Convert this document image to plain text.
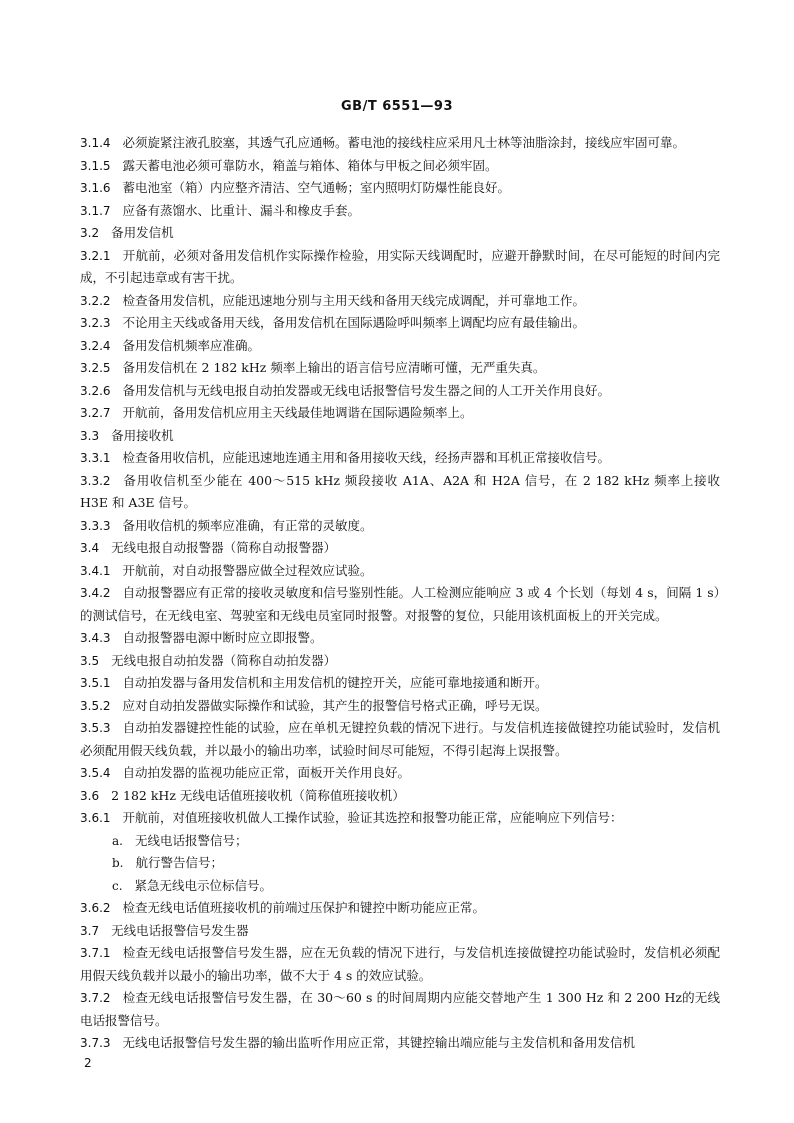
GB/T 6551—93

3.1.4 必须旋紧注液孔胶塞，其透气孔应通畅。蓄电池的接线柱应采用凡士林等油脂涂封，接线应牢固可靠。

3.1.5 露天蓄电池必须可靠防水，箱盖与箱体、箱体与甲板之间必须牢固。

3.1.6 蓄电池室（箱）内应整齐清洁、空气通畅；室内照明灯防爆性能良好。

3.1.7 应备有蒸馏水、比重计、漏斗和橡皮手套。

3.2 备用发信机

3.2.1 开航前，必须对备用发信机作实际操作检验，用实际天线调配时，应避开静默时间，在尽可能短的时间内完成，不引起违章或有害干扰。

3.2.2 检查备用发信机，应能迅速地分别与主用天线和备用天线完成调配，并可靠地工作。

3.2.3 不论用主天线或备用天线，备用发信机在国际遇险呼叫频率上调配均应有最佳输出。

3.2.4 备用发信机频率应准确。

3.2.5 备用发信机在 2 182 kHz 频率上输出的语言信号应清晰可懂，无严重失真。

3.2.6 备用发信机与无线电报自动拍发器或无线电话报警信号发生器之间的人工开关作用良好。

3.2.7 开航前，备用发信机应用主天线最佳地调谐在国际遇险频率上。

3.3 备用接收机

3.3.1 检查备用收信机，应能迅速地连通主用和备用接收天线，经扬声器和耳机正常接收信号。

3.3.2 备用收信机至少能在 400～515 kHz 频段接收 A1A、A2A 和 H2A 信号，在 2 182 kHz 频率上接收 H3E 和 A3E 信号。

3.3.3 备用收信机的频率应准确，有正常的灵敏度。

3.4 无线电报自动报警器（简称自动报警器）

3.4.1 开航前，对自动报警器应做全过程效应试验。

3.4.2 自动报警器应有正常的接收灵敏度和信号鉴别性能。人工检测应能响应 3 或 4 个长划（每划 4 s，间隔 1 s）的测试信号，在无线电室、驾驶室和无线电员室同时报警。对报警的复位，只能用该机面板上的开关完成。

3.4.3 自动报警器电源中断时应立即报警。

3.5 无线电报自动拍发器（简称自动拍发器）

3.5.1 自动拍发器与备用发信机和主用发信机的键控开关，应能可靠地接通和断开。

3.5.2 应对自动拍发器做实际操作和试验，其产生的报警信号格式正确，呼号无误。

3.5.3 自动拍发器键控性能的试验，应在单机无键控负载的情况下进行。与发信机连接做键控功能试验时，发信机必须配用假天线负载，并以最小的输出功率，试验时间尽可能短，不得引起海上误报警。

3.5.4 自动拍发器的监视功能应正常，面板开关作用良好。

3.6 2 182 kHz 无线电话值班接收机（简称值班接收机）

3.6.1 开航前，对值班接收机做人工操作试验，验证其选控和报警功能正常，应能响应下列信号：

a. 无线电话报警信号；

b. 航行警告信号；

c. 紧急无线电示位标信号。

3.6.2 检查无线电话值班接收机的前端过压保护和键控中断功能应正常。

3.7 无线电话报警信号发生器

3.7.1 检查无线电话报警信号发生器，应在无负载的情况下进行，与发信机连接做键控功能试验时，发信机必须配用假天线负载并以最小的输出功率，做不大于 4 s 的效应试验。

3.7.2 检查无线电话报警信号发生器，在 30～60 s 的时间周期内应能交替地产生 1 300 Hz 和 2 200 Hz的无线电话报警信号。

3.7.3 无线电话报警信号发生器的输出监听作用应正常，其键控输出端应能与主发信机和备用发信机

2
